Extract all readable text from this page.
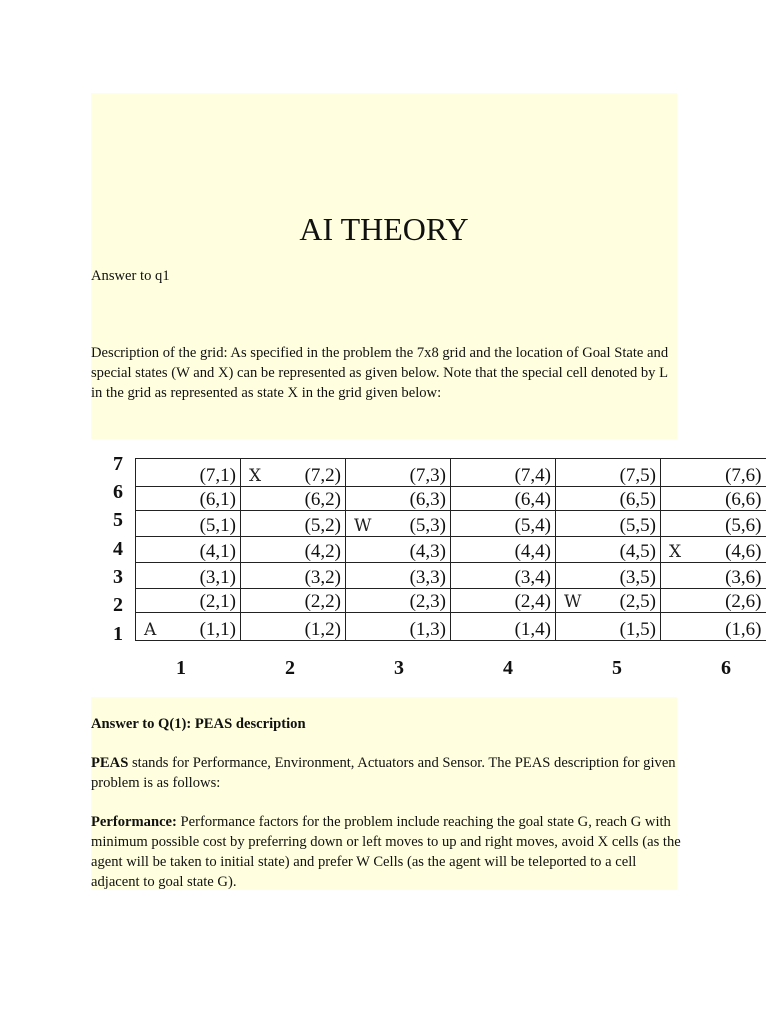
AI THEORY

Answer to q1

Description of the grid: As specified in the problem the 7x8 grid and the location of Goal State and special states (W and X) can be represented as given below. Note that the special cell denoted by L in the grid as represented as state X in the grid given below:

7
6
5
4
3
2
1
(7,1)	X (7,2)	(7,3)	(7,4)	(7,5)	(7,6)

(6,1)	(6,2)	(6,3)	(6,4)	(6,5)	(6,6)

(5,1)	(5,2)	W (5,3)	(5,4)	(5,5)	(5,6)

(4,1)	(4,2)	(4,3)	(4,4)	(4,5)	X (4,6)

(3,1)	(3,2)	(3,3)	(3,4)	(3,5)	(3,6)

(2,1)	(2,2)	(2,3)	(2,4)	W (2,5)	(2,6)

A (1,1)	(1,2)	(1,3)	(1,4)	(1,5)	(1,6)
1	2	3	4	5	6

Answer to Q(1): PEAS description

PEAS stands for Performance, Environment, Actuators and Sensor. The PEAS description for given problem is as follows:

Performance: Performance factors for the problem include reaching the goal state G, reach G with minimum possible cost by preferring down or left moves to up and right moves, avoid X cells (as the agent will be taken to initial state) and prefer W Cells (as the agent will be teleported to a cell adjacent to goal state G).
